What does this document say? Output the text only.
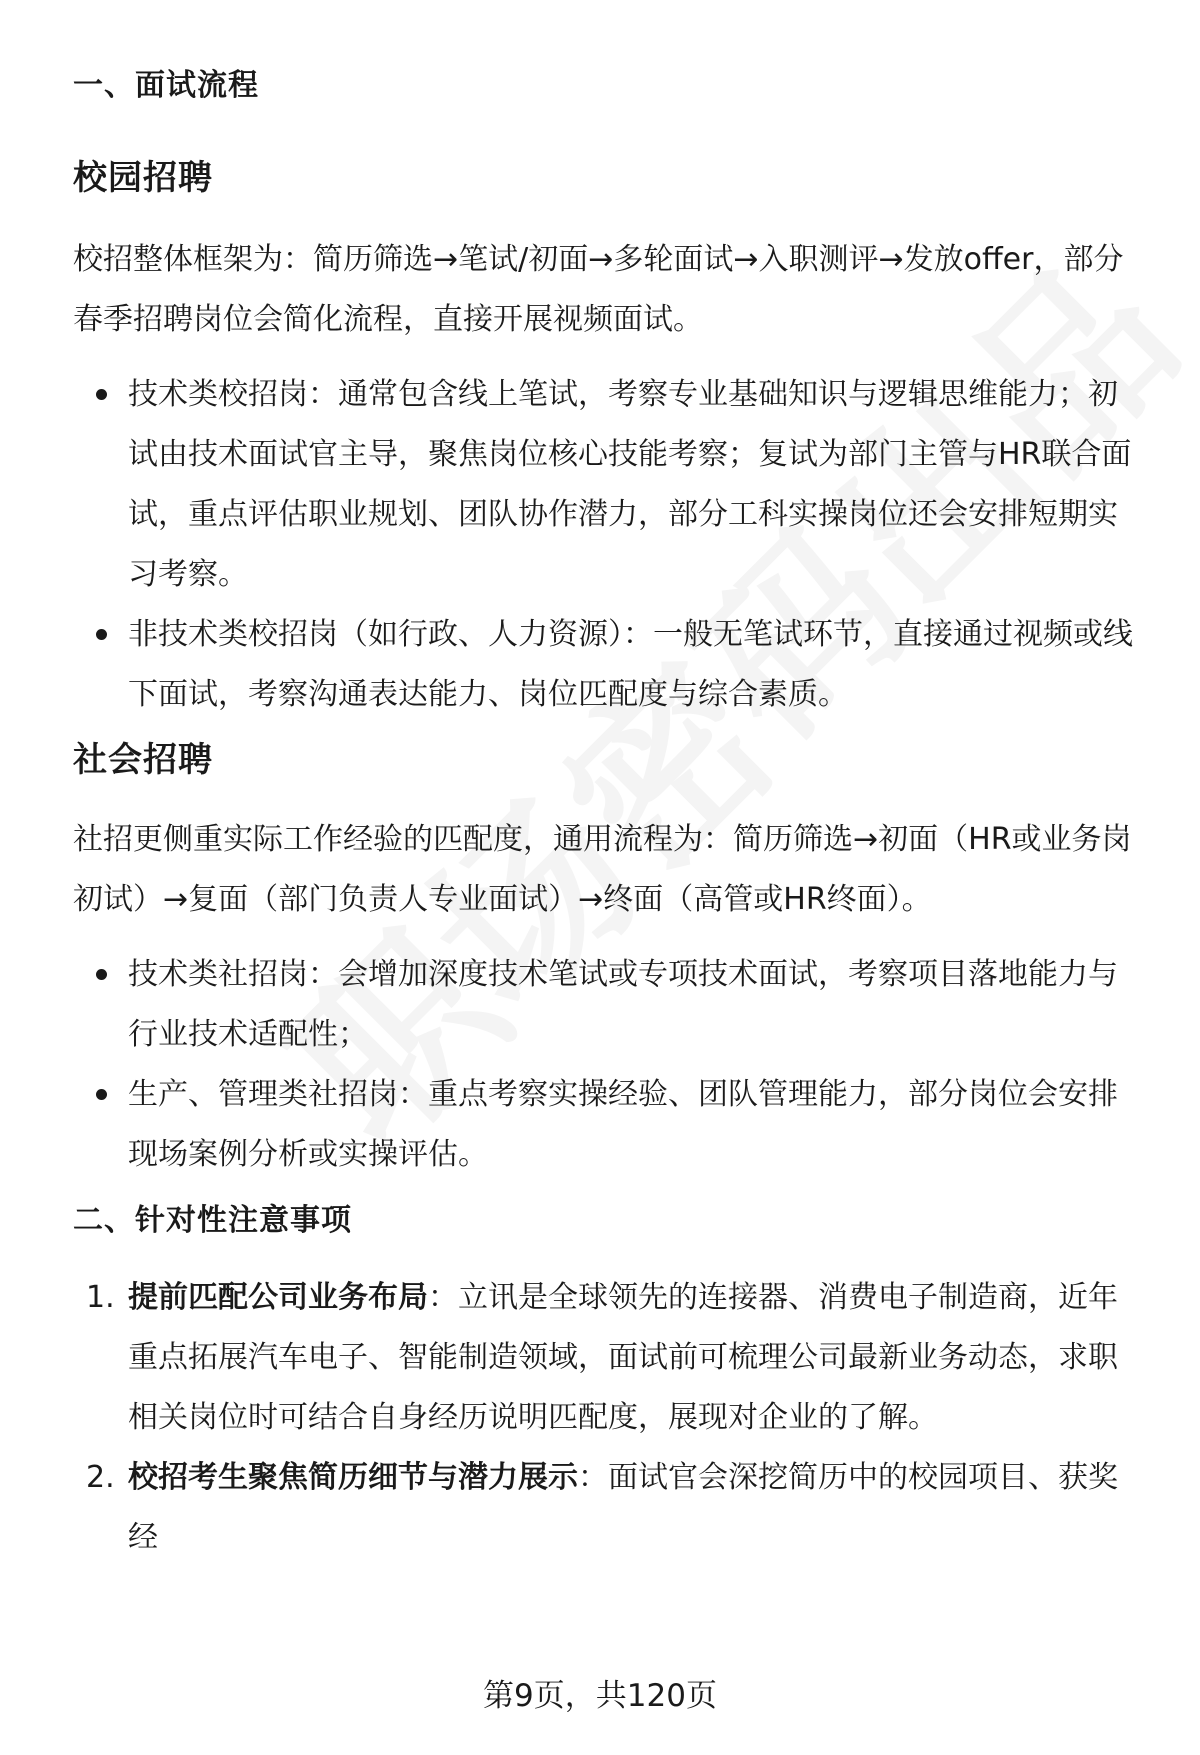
一、面试流程
校园招聘
校招整体框架为：简历筛选→笔试/初面→多轮面试→入职测评→发放offer，部分春季招聘岗位会简化流程，直接开展视频面试。
技术类校招岗：通常包含线上笔试，考察专业基础知识与逻辑思维能力；初试由技术面试官主导，聚焦岗位核心技能考察；复试为部门主管与HR联合面试，重点评估职业规划、团队协作潜力，部分工科实操岗位还会安排短期实习考察。
非技术类校招岗（如行政、人力资源）：一般无笔试环节，直接通过视频或线下面试，考察沟通表达能力、岗位匹配度与综合素质。
社会招聘
社招更侧重实际工作经验的匹配度，通用流程为：简历筛选→初面（HR或业务岗初试）→复面（部门负责人专业面试）→终面（高管或HR终面）。
技术类社招岗：会增加深度技术笔试或专项技术面试，考察项目落地能力与行业技术适配性；
生产、管理类社招岗：重点考察实操经验、团队管理能力，部分岗位会安排现场案例分析或实操评估。
二、针对性注意事项
1. 提前匹配公司业务布局：立讯是全球领先的连接器、消费电子制造商，近年重点拓展汽车电子、智能制造领域，面试前可梳理公司最新业务动态，求职相关岗位时可结合自身经历说明匹配度，展现对企业的了解。
2. 校招考生聚焦简历细节与潜力展示：面试官会深挖简历中的校园项目、获奖经
第9页，共120页
